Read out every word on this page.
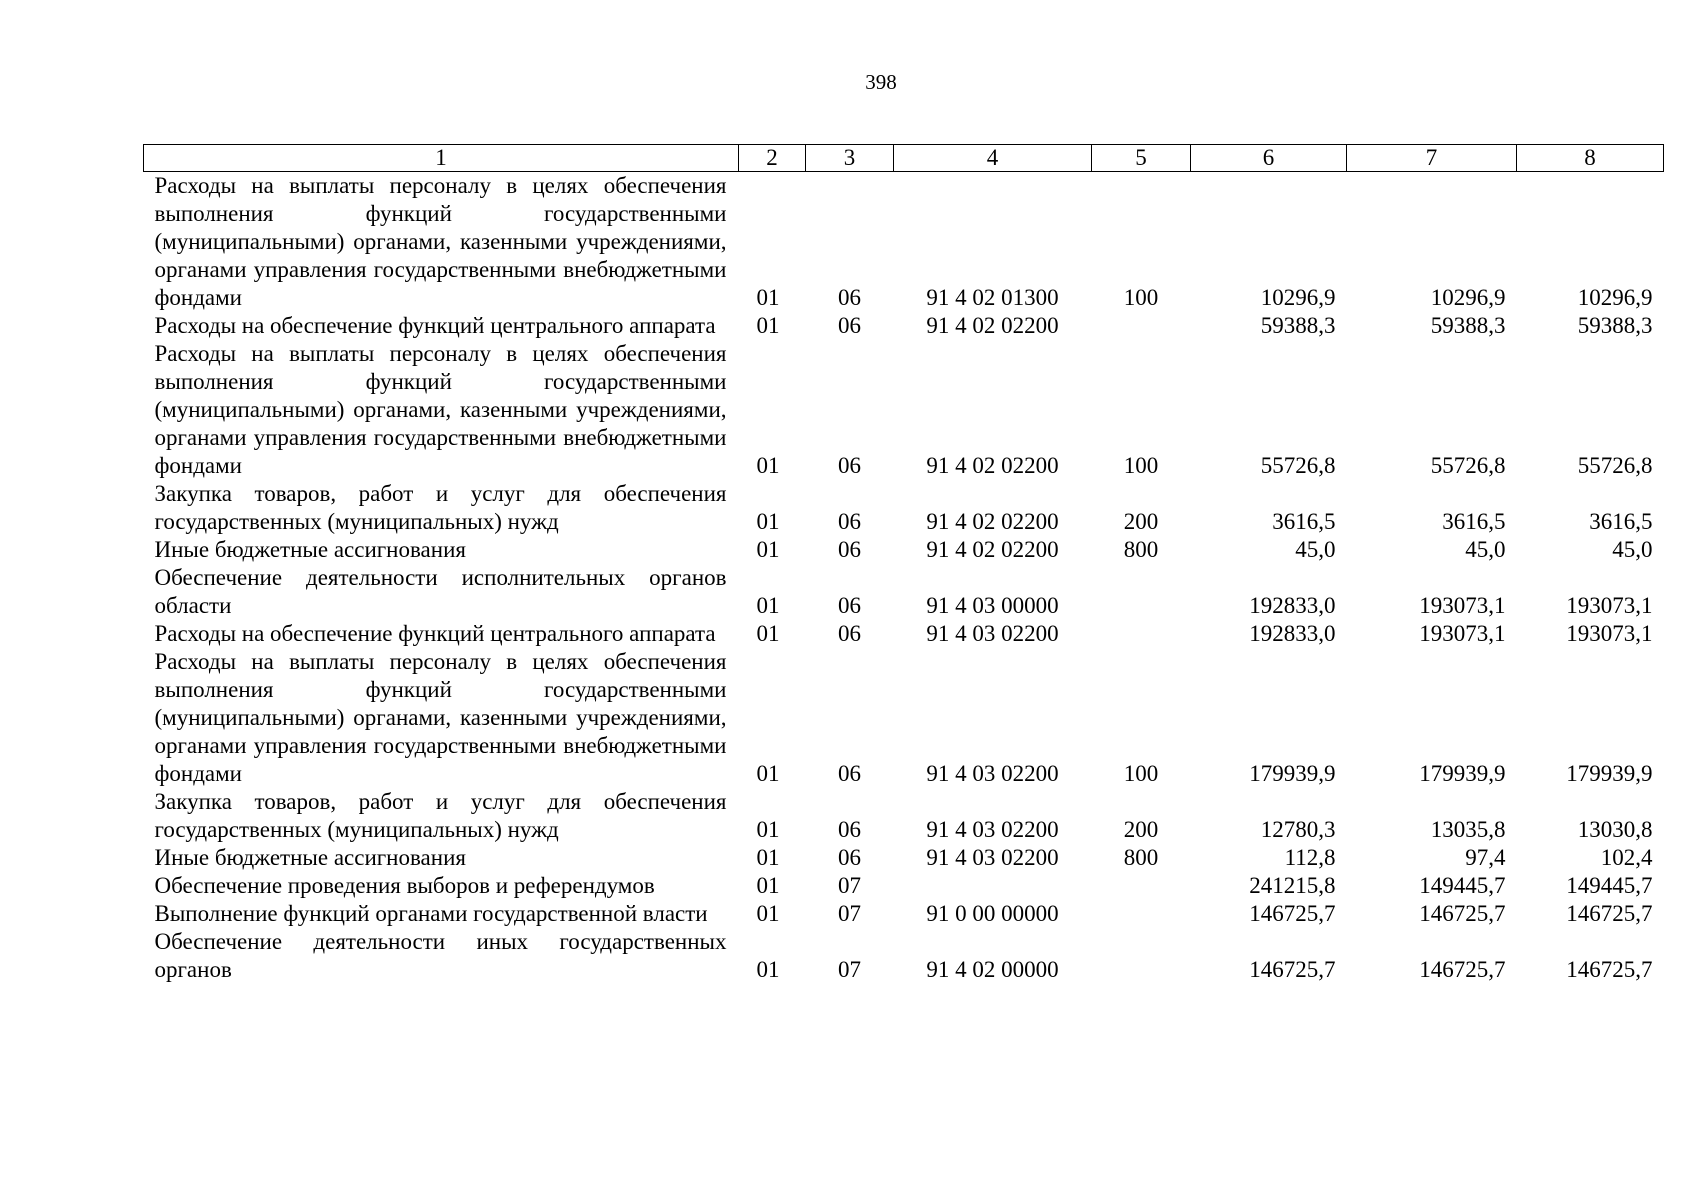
398
1	2	3	4	5	6	7	8
Расходы на выплаты персоналу в целях обеспечения выполнения функций государственными (муниципальными) органами, казенными учреждениями, органами управления государственными внебюджетными фондами	01	06	91 4 02 01300	100	10296,9	10296,9	10296,9
Расходы на обеспечение функций центрального аппарата	01	06	91 4 02 02200		59388,3	59388,3	59388,3
Расходы на выплаты персоналу в целях обеспечения выполнения функций государственными (муниципальными) органами, казенными учреждениями, органами управления государственными внебюджетными фондами	01	06	91 4 02 02200	100	55726,8	55726,8	55726,8
Закупка товаров, работ и услуг для обеспечения государственных (муниципальных) нужд	01	06	91 4 02 02200	200	3616,5	3616,5	3616,5
Иные бюджетные ассигнования	01	06	91 4 02 02200	800	45,0	45,0	45,0
Обеспечение деятельности исполнительных органов области	01	06	91 4 03 00000		192833,0	193073,1	193073,1
Расходы на обеспечение функций центрального аппарата	01	06	91 4 03 02200		192833,0	193073,1	193073,1
Расходы на выплаты персоналу в целях обеспечения выполнения функций государственными (муниципальными) органами, казенными учреждениями, органами управления государственными внебюджетными фондами	01	06	91 4 03 02200	100	179939,9	179939,9	179939,9
Закупка товаров, работ и услуг для обеспечения государственных (муниципальных) нужд	01	06	91 4 03 02200	200	12780,3	13035,8	13030,8
Иные бюджетные ассигнования	01	06	91 4 03 02200	800	112,8	97,4	102,4
Обеспечение проведения выборов и референдумов	01	07			241215,8	149445,7	149445,7
Выполнение функций органами государственной власти	01	07	91 0 00 00000		146725,7	146725,7	146725,7
Обеспечение деятельности иных государственных органов	01	07	91 4 02 00000		146725,7	146725,7	146725,7
